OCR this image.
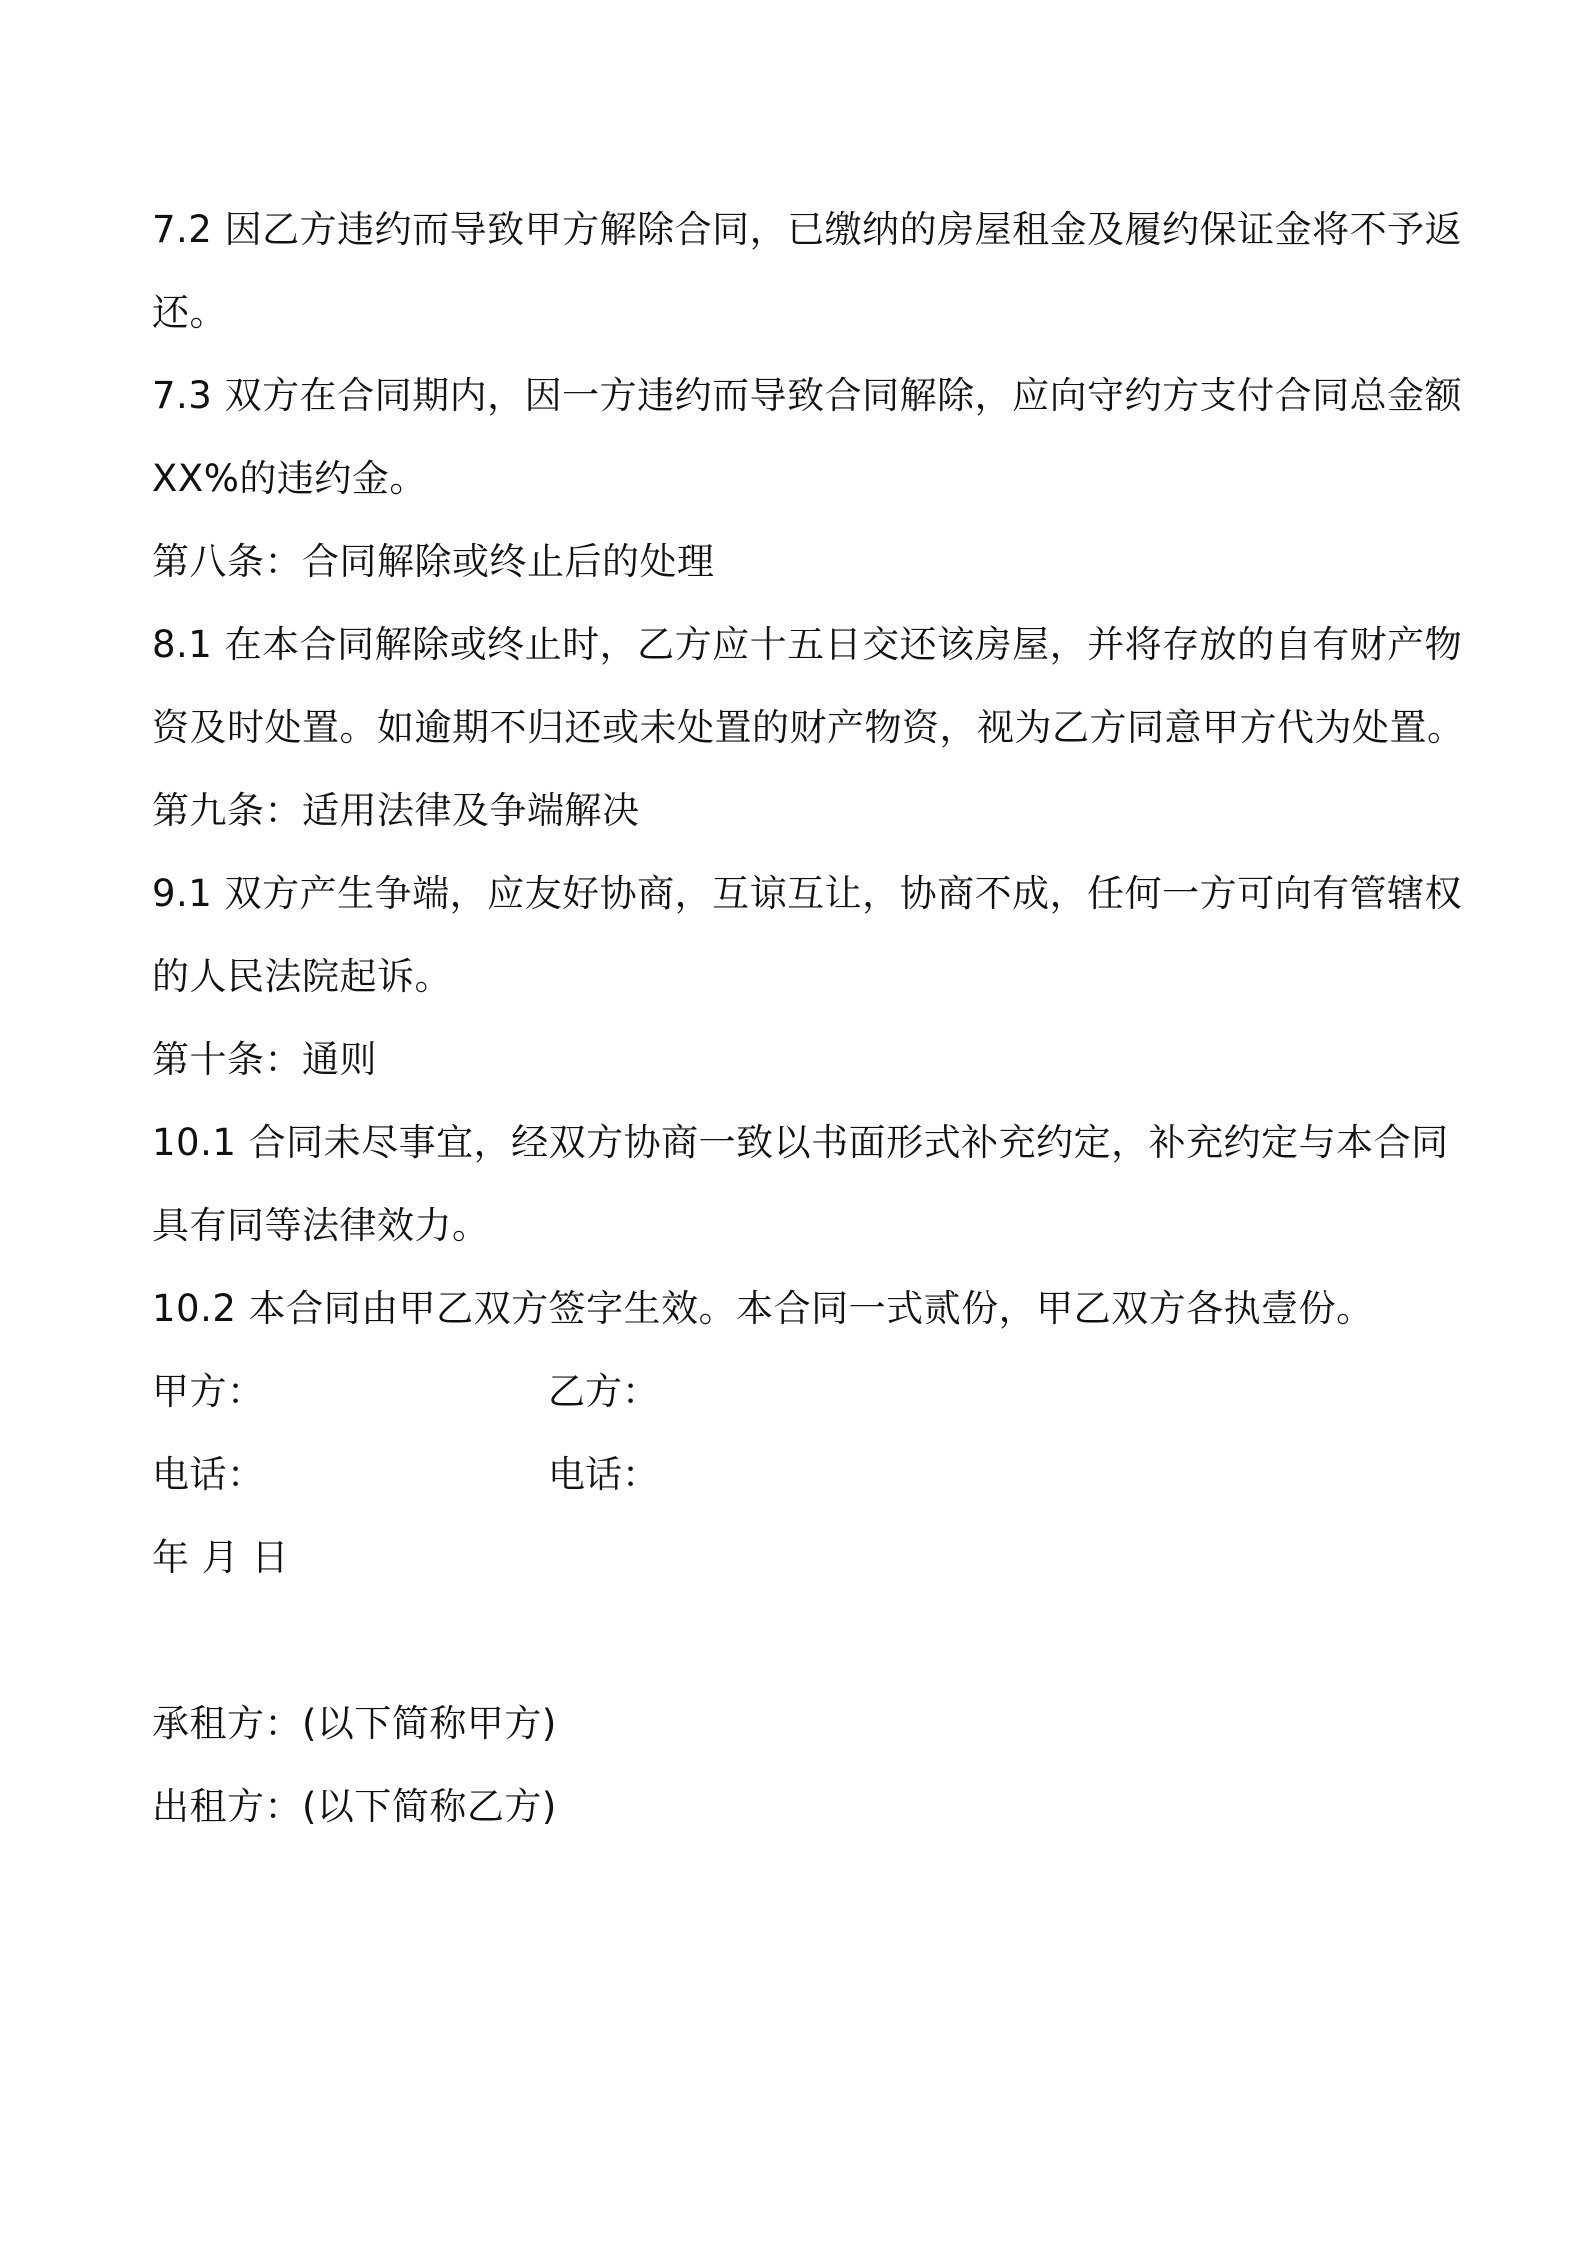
7.2 因乙方违约而导致甲方解除合同，已缴纳的房屋租金及履约保证金将不予返
还。
7.3 双方在合同期内，因一方违约而导致合同解除，应向守约方支付合同总金额
XX%的违约金。
第八条：合同解除或终止后的处理
8.1 在本合同解除或终止时，乙方应十五日交还该房屋，并将存放的自有财产物
资及时处置。如逾期不归还或未处置的财产物资，视为乙方同意甲方代为处置。
第九条：适用法律及争端解决
9.1 双方产生争端，应友好协商，互谅互让，协商不成，任何一方可向有管辖权
的人民法院起诉。
第十条：通则
10.1 合同未尽事宜，经双方协商一致以书面形式补充约定，补充约定与本合同
具有同等法律效力。
10.2 本合同由甲乙双方签字生效。本合同一式贰份，甲乙双方各执壹份。
甲方：	乙方：
电话：	电话：
年 月 日
承租方：(以下简称甲方)
出租方：(以下简称乙方)
